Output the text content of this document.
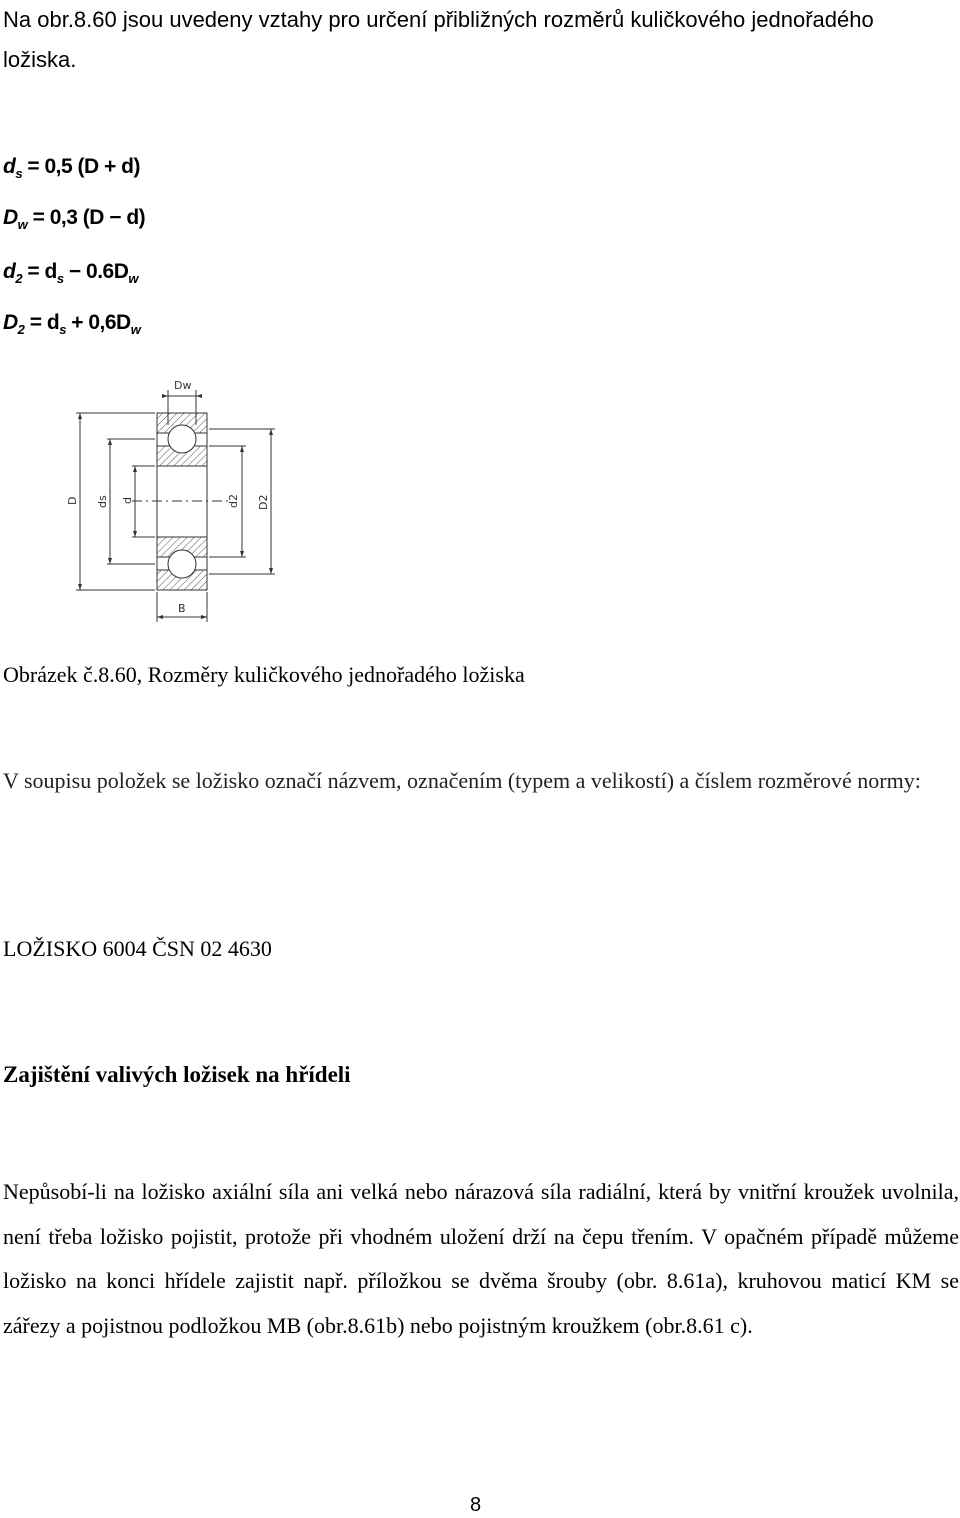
Na obr.8.60 jsou uvedeny vztahy pro určení přibližných rozměrů kuličkového jednořadého ložiska.
$d_s = 0,5$ (D + d)
$D_w = 0,3$ (D − d)
$d_2 = d_s - 0.6D_w$
$D_2 = d_s + 0,6D_w$
Dw
B
D ds d	d2 D2
Obrázek č.8.60, Rozměry kuličkového jednořadého ložiska
V soupisu položek se ložisko označí názvem, označením (typem a velikostí) a číslem rozměrové normy:
LOŽISKO 6004 ČSN 02 4630
Zajištění valivých ložisek na hřídeli
Nepůsobí-li na ložisko axiální síla ani velká nebo nárazová síla radiální, která by vnitřní kroužek uvolnila, není třeba ložisko pojistit, protože při vhodném uložení drží na čepu třením. V opačném případě můžeme ložisko na konci hřídele zajistit např. příložkou se dvěma šrouby (obr. 8.61a), kruhovou maticí KM se zářezy a pojistnou podložkou MB (obr.8.61b) nebo pojistným kroužkem (obr.8.61 c).
8
